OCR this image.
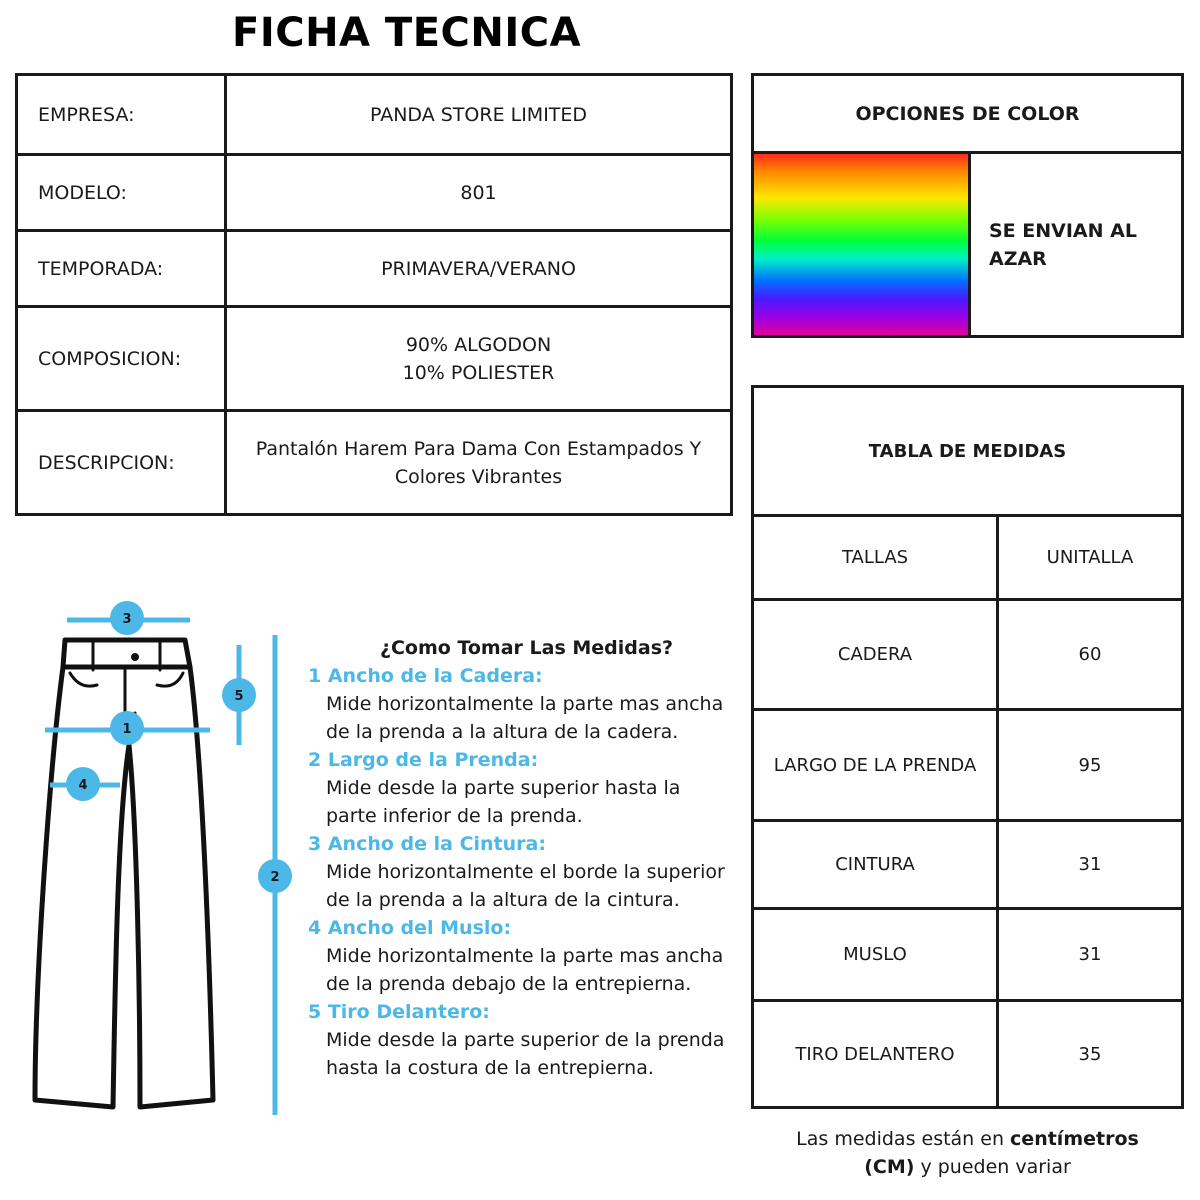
FICHA TECNICA
EMPRESA:	PANDA STORE LIMITED
MODELO:	801
TEMPORADA:	PRIMAVERA/VERANO
COMPOSICION:	90% ALGODON
10% POLIESTER

DESCRIPCION:	Pantalón Harem Para Dama Con Estampados Y
Colores Vibrantes
OPCIONES DE COLOR
SE ENVIAN AL AZAR
TABLA DE MEDIDAS	
TALLAS	UNITALLA
CADERA	60
LARGO DE LA PRENDA	95
CINTURA	31
MUSLO	31
TIRO DELANTERO	35
Las medidas están en centímetros
(CM) y pueden variar
¿Como Tomar Las Medidas?
1 Ancho de la Cadera:
Mide horizontalmente la parte mas ancha
de la prenda a la altura de la cadera.
2 Largo de la Prenda:
Mide desde la parte superior hasta la
parte inferior de la prenda.
3 Ancho de la Cintura:
Mide horizontalmente el borde la superior
de la prenda a la altura de la cintura.
4 Ancho del Muslo:
Mide horizontalmente la parte mas ancha
de la prenda debajo de la entrepierna.
5 Tiro Delantero:
Mide desde la parte superior de la prenda
hasta la costura de la entrepierna.
3
1
4
5
2
